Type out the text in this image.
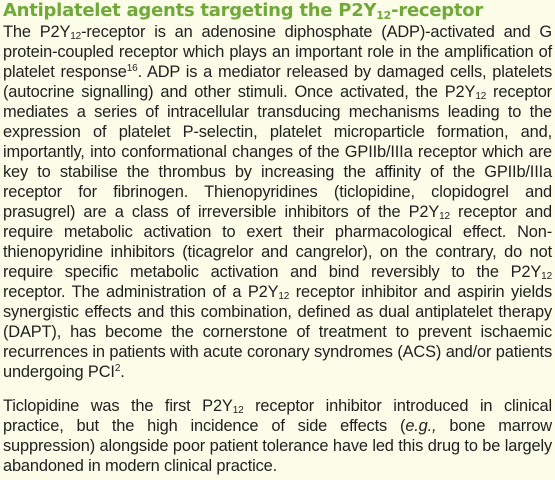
Antiplatelet agents targeting the $P2Y_{12}$-receptor

The $P2Y_{12}$-receptor is an adenosine diphosphate (ADP)-activated and G protein-coupled receptor which plays an important role in the amplification of platelet response$^{16}$. ADP is a mediator released by damaged cells, platelets (autocrine signalling) and other stimuli. Once activated, the $P2Y_{12}$ receptor mediates a series of intracellular transducing mechanisms leading to the expression of platelet P-selectin, platelet microparticle formation, and, importantly, into conformational changes of the GPIIb/IIIa receptor which are key to stabilise the thrombus by increasing the affinity of the GPIIb/IIIa receptor for fibrinogen. Thienopyridines (ticlopidine, clopidogrel and prasugrel) are a class of irreversible inhibitors of the $P2Y_{12}$ receptor and require metabolic activation to exert their pharmacological effect. Non-thienopyridine inhibitors (ticagrelor and cangrelor), on the contrary, do not require specific metabolic activation and bind reversibly to the $P2Y_{12}$ receptor. The administration of a $P2Y_{12}$ receptor inhibitor and aspirin yields synergistic effects and this combination, defined as dual antiplatelet therapy (DAPT), has become the cornerstone of treatment to prevent ischaemic recurrences in patients with acute coronary syndromes (ACS) and/or patients undergoing PCI$^2$.

Ticlopidine was the first $P2Y_{12}$ receptor inhibitor introduced in clinical practice, but the high incidence of side effects (e.g., bone marrow suppression) alongside poor patient tolerance have led this drug to be largely abandoned in modern clinical practice.
